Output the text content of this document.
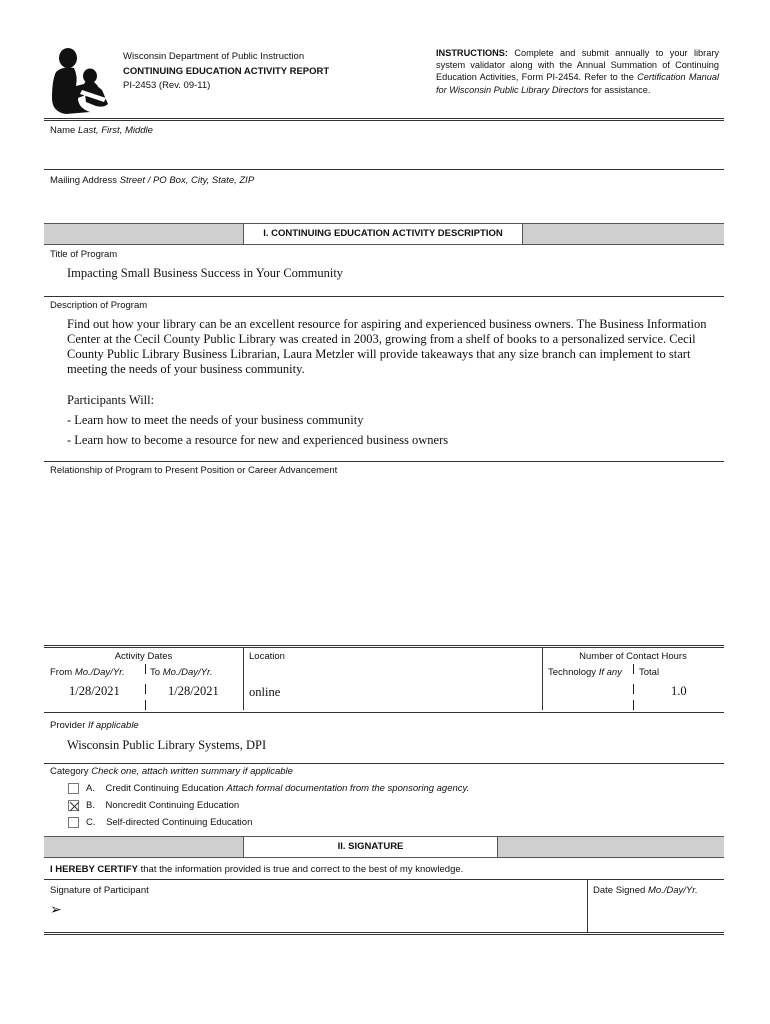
Wisconsin Department of Public Instruction
CONTINUING EDUCATION ACTIVITY REPORT
PI-2453 (Rev. 09-11)
INSTRUCTIONS: Complete and submit annually to your library system validator along with the Annual Summation of Continuing Education Activities, Form PI-2454. Refer to the Certification Manual for Wisconsin Public Library Directors for assistance.
Name Last, First, Middle
Mailing Address Street / PO Box, City, State, ZIP
I. CONTINUING EDUCATION ACTIVITY DESCRIPTION
Title of Program
Impacting Small Business Success in Your Community
Description of Program
Find out how your library can be an excellent resource for aspiring and experienced business owners. The Business Information Center at the Cecil County Public Library was created in 2003, growing from a shelf of books to a personalized service. Cecil County Public Library Business Librarian, Laura Metzler will provide takeaways that any size branch can implement to start meeting the needs of your business community.
Participants Will:
- Learn how to meet the needs of your business community
- Learn how to become a resource for new and experienced business owners
Relationship of Program to Present Position or Career Advancement
Activity Dates
From Mo./Day/Yr.	To Mo./Day/Yr.
1/28/2021	1/28/2021
Location
online
Number of Contact Hours
Technology If any Total
1.0
Provider If applicable
Wisconsin Public Library Systems, DPI
Category Check one, attach written summary if applicable
A. Credit Continuing Education Attach formal documentation from the sponsoring agency.
B. Noncredit Continuing Education
C. Self-directed Continuing Education
II. SIGNATURE
I HEREBY CERTIFY that the information provided is true and correct to the best of my knowledge.
Signature of Participant
➢
Date Signed Mo./Day/Yr.
